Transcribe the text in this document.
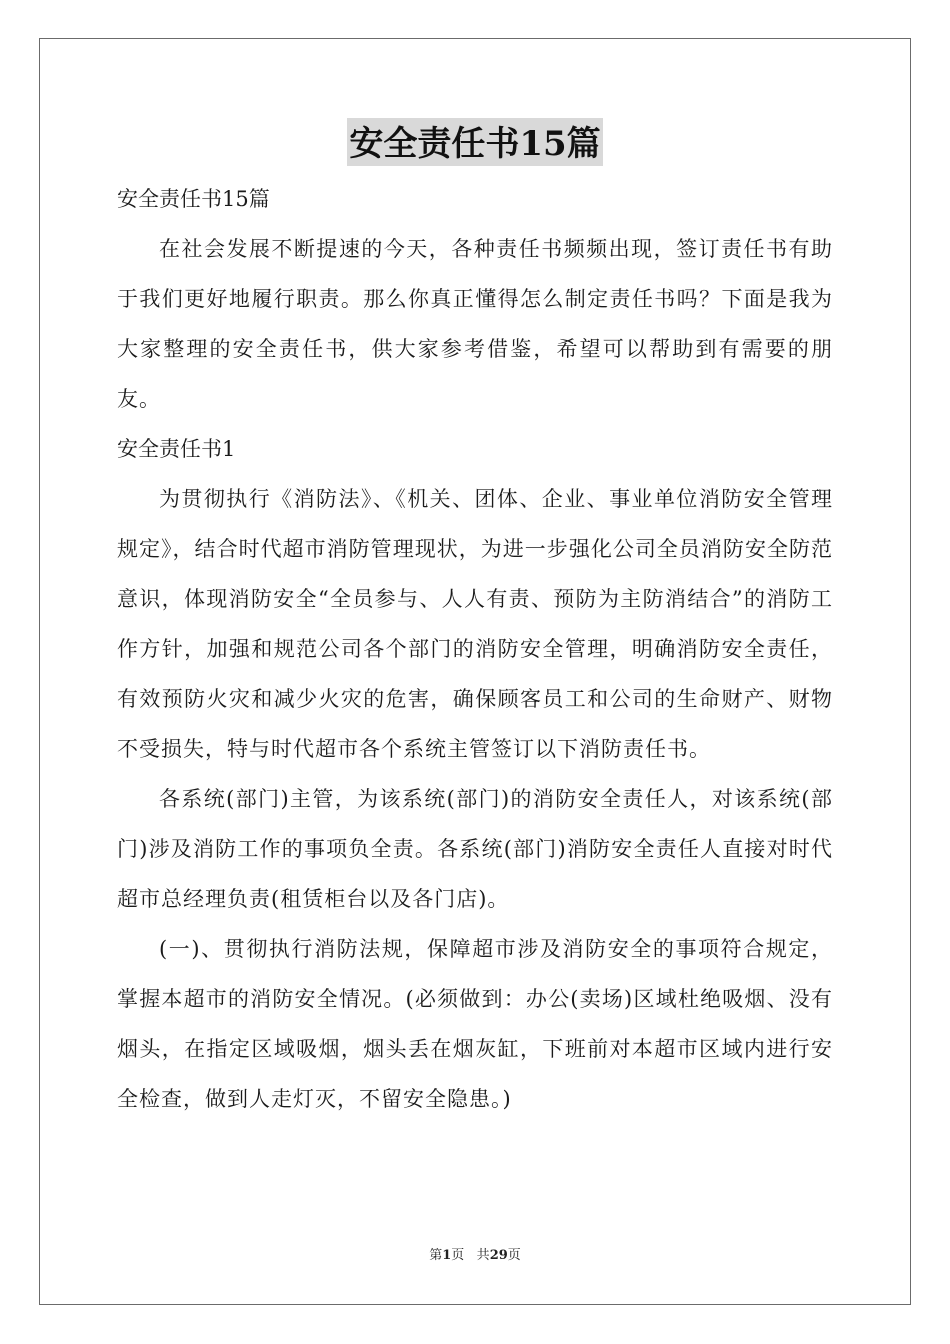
安全责任书15篇

安全责任书15篇

在社会发展不断提速的今天，各种责任书频频出现，签订责任书有助于我们更好地履行职责。那么你真正懂得怎么制定责任书吗？下面是我为大家整理的安全责任书，供大家参考借鉴，希望可以帮助到有需要的朋友。

安全责任书1

为贯彻执行《消防法》、《机关、团体、企业、事业单位消防安全管理规定》，结合时代超市消防管理现状，为进一步强化公司全员消防安全防范意识，体现消防安全“全员参与、人人有责、预防为主防消结合”的消防工作方针，加强和规范公司各个部门的消防安全管理，明确消防安全责任，有效预防火灾和减少火灾的危害，确保顾客员工和公司的生命财产、财物不受损失，特与时代超市各个系统主管签订以下消防责任书。

各系统(部门)主管，为该系统(部门)的消防安全责任人，对该系统(部门)涉及消防工作的事项负全责。各系统(部门)消防安全责任人直接对时代超市总经理负责(租赁柜台以及各门店)。

(一)、贯彻执行消防法规，保障超市涉及消防安全的事项符合规定，掌握本超市的消防安全情况。(必须做到：办公(卖场)区域杜绝吸烟、没有烟头，在指定区域吸烟，烟头丢在烟灰缸，下班前对本超市区域内进行安全检查，做到人走灯灭，不留安全隐患。)

第1页 共29页
